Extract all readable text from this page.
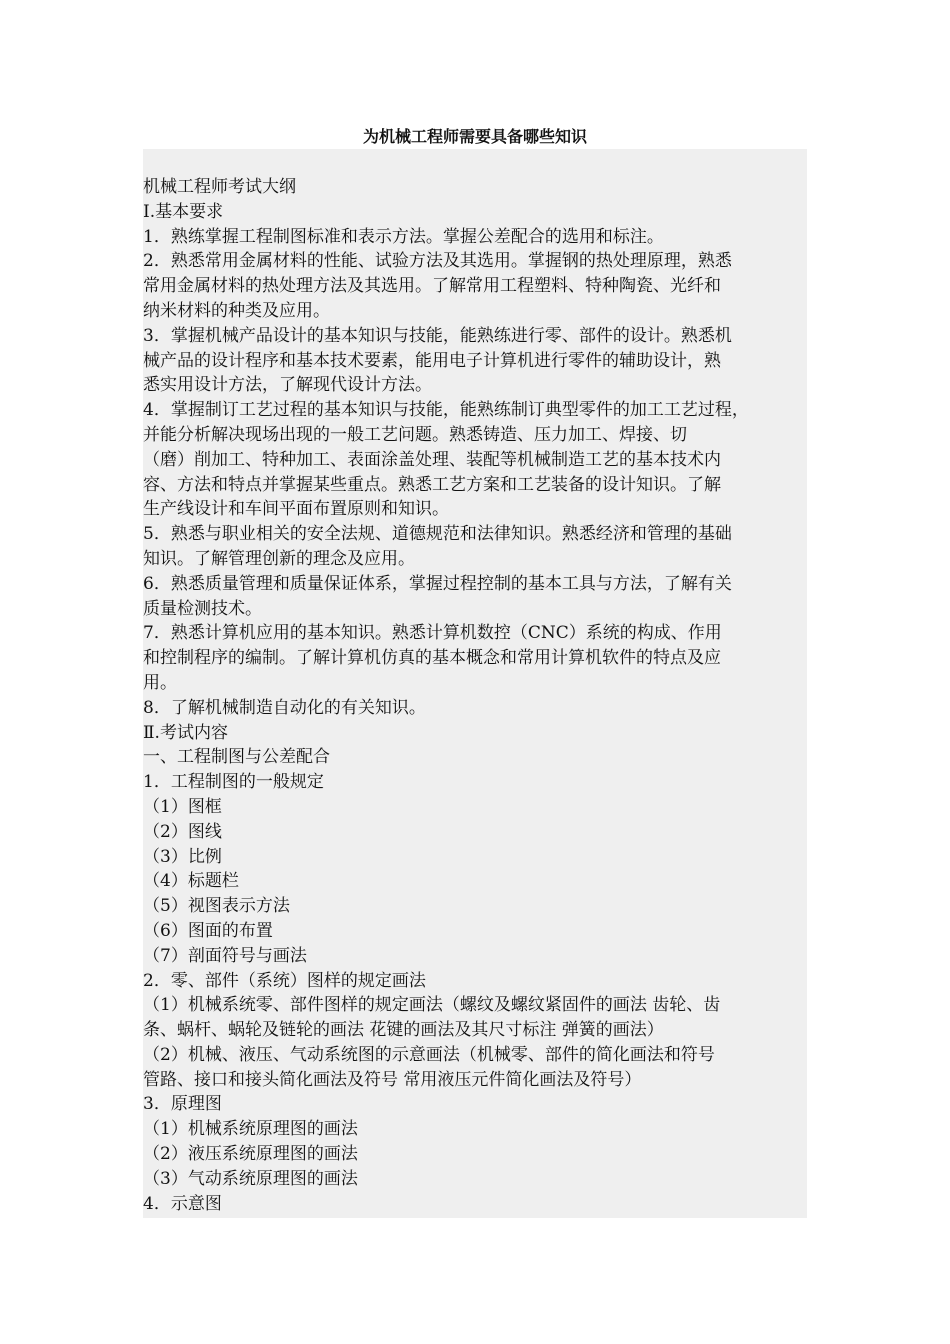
为机械工程师需要具备哪些知识

机械工程师考试大纲

Ⅰ.基本要求

1．熟练掌握工程制图标准和表示方法。掌握公差配合的选用和标注。

2．熟悉常用金属材料的性能、试验方法及其选用。掌握钢的热处理原理，熟悉

常用金属材料的热处理方法及其选用。了解常用工程塑料、特种陶瓷、光纤和

纳米材料的种类及应用。

3．掌握机械产品设计的基本知识与技能，能熟练进行零、部件的设计。熟悉机

械产品的设计程序和基本技术要素，能用电子计算机进行零件的辅助设计，熟

悉实用设计方法，了解现代设计方法。

4．掌握制订工艺过程的基本知识与技能，能熟练制订典型零件的加工工艺过程，

并能分析解决现场出现的一般工艺问题。熟悉铸造、压力加工、焊接、切

（磨）削加工、特种加工、表面涂盖处理、装配等机械制造工艺的基本技术内

容、方法和特点并掌握某些重点。熟悉工艺方案和工艺装备的设计知识。了解

生产线设计和车间平面布置原则和知识。

5．熟悉与职业相关的安全法规、道德规范和法律知识。熟悉经济和管理的基础

知识。了解管理创新的理念及应用。

6．熟悉质量管理和质量保证体系，掌握过程控制的基本工具与方法，了解有关

质量检测技术。

7．熟悉计算机应用的基本知识。熟悉计算机数控（CNC）系统的构成、作用

和控制程序的编制。了解计算机仿真的基本概念和常用计算机软件的特点及应

用。

8．了解机械制造自动化的有关知识。

Ⅱ.考试内容

一、工程制图与公差配合

1．工程制图的一般规定

（1）图框

（2）图线

（3）比例

（4）标题栏

（5）视图表示方法

（6）图面的布置

（7）剖面符号与画法

2．零、部件（系统）图样的规定画法

（1）机械系统零、部件图样的规定画法（螺纹及螺纹紧固件的画法 齿轮、齿

条、蜗杆、蜗轮及链轮的画法 花键的画法及其尺寸标注 弹簧的画法）

（2）机械、液压、气动系统图的示意画法（机械零、部件的简化画法和符号

管路、接口和接头简化画法及符号 常用液压元件简化画法及符号）

3．原理图

（1）机械系统原理图的画法

（2）液压系统原理图的画法

（3）气动系统原理图的画法

4．示意图
